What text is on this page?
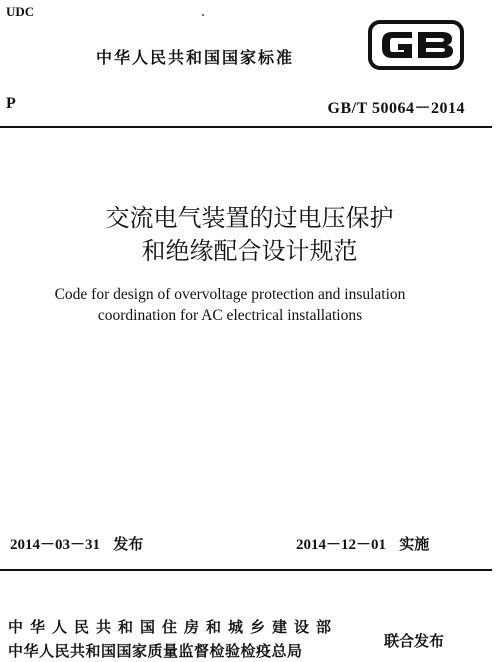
UDC
中华人民共和国国家标准
P	GB/T 50064－2014
交流电气装置的过电压保护
和绝缘配合设计规范
Code for design of overvoltage protection and insulation
coordination for AC electrical installations
2014－03－31 发布	2014－12－01 实施
中华人民共和国住房和城乡建设部
中华人民共和国国家质量监督检验检疫总局
联合发布
